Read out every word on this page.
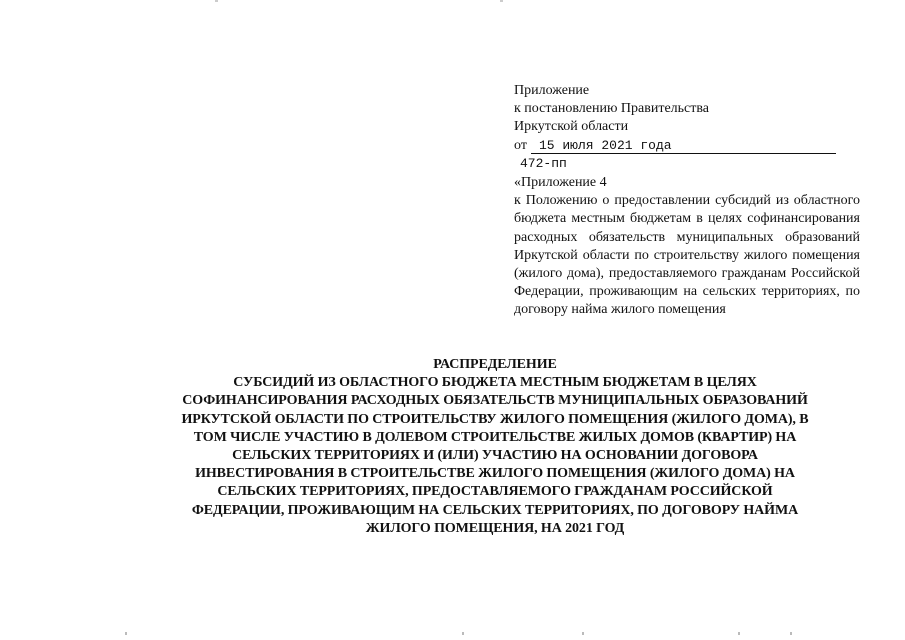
Приложение
к постановлению Правительства
Иркутской области
от 15 июля 2021 года
472-пп
«Приложение 4
к Положению о предоставлении субсидий из областного бюджета местным бюджетам в целях софинансирования расходных обязательств муниципальных образований Иркутской области по строительству жилого помещения (жилого дома), предоставляемого гражданам Российской Федерации, проживающим на сельских территориях, по договору найма жилого помещения
РАСПРЕДЕЛЕНИЕ
СУБСИДИЙ ИЗ ОБЛАСТНОГО БЮДЖЕТА МЕСТНЫМ БЮДЖЕТАМ В ЦЕЛЯХ
СОФИНАНСИРОВАНИЯ РАСХОДНЫХ ОБЯЗАТЕЛЬСТВ МУНИЦИПАЛЬНЫХ ОБРАЗОВАНИЙ
ИРКУТСКОЙ ОБЛАСТИ ПО СТРОИТЕЛЬСТВУ ЖИЛОГО ПОМЕЩЕНИЯ (ЖИЛОГО ДОМА), В
ТОМ ЧИСЛЕ УЧАСТИЮ В ДОЛЕВОМ СТРОИТЕЛЬСТВЕ ЖИЛЫХ ДОМОВ (КВАРТИР) НА
СЕЛЬСКИХ ТЕРРИТОРИЯХ И (ИЛИ) УЧАСТИЮ НА ОСНОВАНИИ ДОГОВОРА
ИНВЕСТИРОВАНИЯ В СТРОИТЕЛЬСТВЕ ЖИЛОГО ПОМЕЩЕНИЯ (ЖИЛОГО ДОМА) НА
СЕЛЬСКИХ ТЕРРИТОРИЯХ, ПРЕДОСТАВЛЯЕМОГО ГРАЖДАНАМ РОССИЙСКОЙ
ФЕДЕРАЦИИ, ПРОЖИВАЮЩИМ НА СЕЛЬСКИХ ТЕРРИТОРИЯХ, ПО ДОГОВОРУ НАЙМА
ЖИЛОГО ПОМЕЩЕНИЯ, НА 2021 ГОД
